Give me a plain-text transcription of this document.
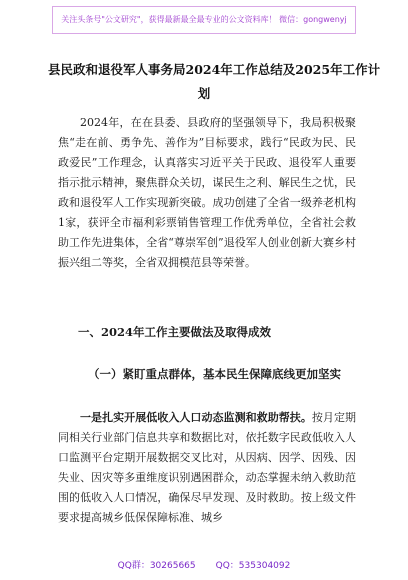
关注头条号"公文研究"，获得最新最全最专业的公文资料库！ 微信：gongwenyj
县民政和退役军人事务局2024年工作总结及2025年工作计
划
2024年，在在县委、县政府的坚强领导下，我局积极聚焦“走在前、勇争先、善作为”目标要求，践行“民政为民、民政爱民”工作理念，认真落实习近平关于民政、退役军人重要指示批示精神，聚焦群众关切，谋民生之利、解民生之忧，民政和退役军人工作实现新突破。成功创建了全省一级养老机构1家，获评全市福利彩票销售管理工作优秀单位，全省社会救助工作先进集体，全省“尊崇军创”退役军人创业创新大赛乡村振兴组二等奖，全省双拥模范县等荣誉。
一、2024年工作主要做法及取得成效
（一）紧盯重点群体，基本民生保障底线更加坚实
一是扎实开展低收入人口动态监测和救助帮扶。按月定期同相关行业部门信息共享和数据比对，依托数字民政低收入人口监测平台定期开展数据交叉比对，从因病、因学、因残、因失业、因灾等多重维度识别遇困群众，动态掌握未纳入救助范围的低收入人口情况，确保尽早发现、及时救助。按上级文件要求提高城乡低保保障标准、城乡
QQ群：30265665 QQ：535304092
